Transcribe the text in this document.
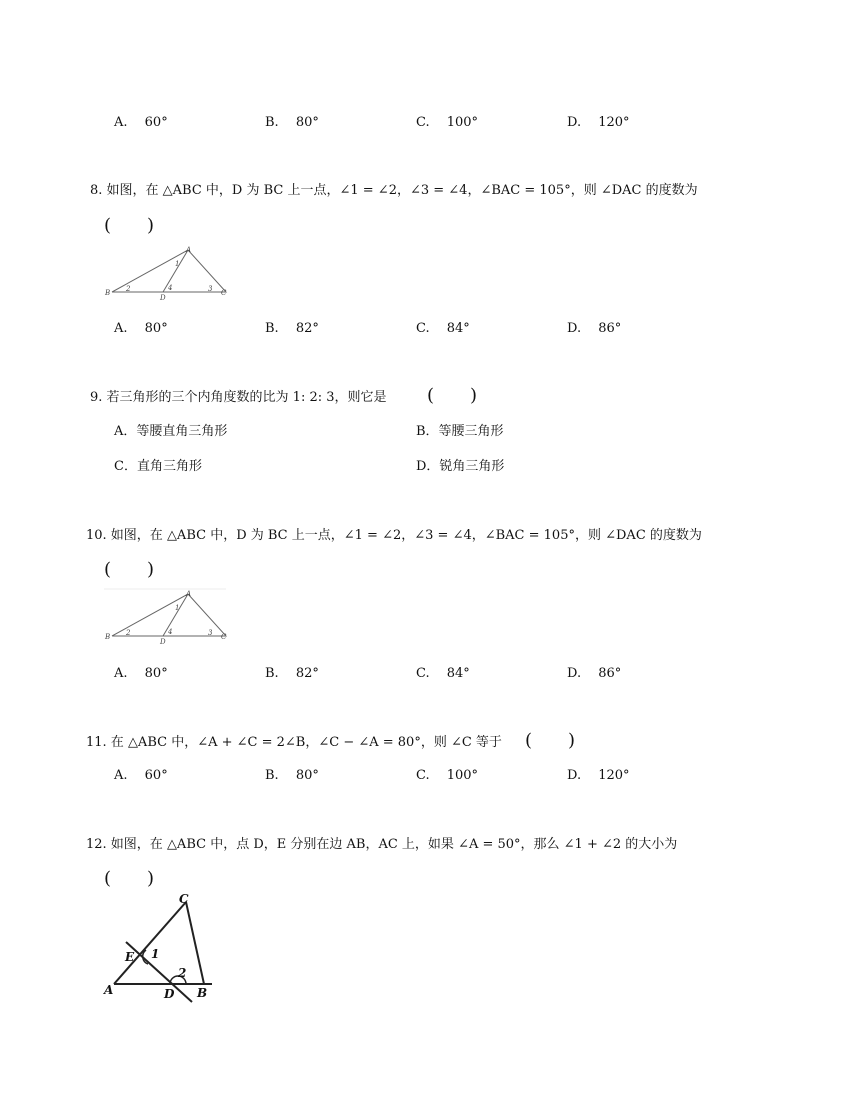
A.　 60°	B.　 80°	C.　 100°	D.　 120°
8. 如图，在 △ABC 中，D 为 BC 上一点，∠1 = ∠2，∠3 = ∠4，∠BAC = 105°，则 ∠DAC 的度数为
(　　)
A
B	C
D
1
2	3
4
A.　 80°	B.　 82°	C.　 84°	D.　 86°
9. 若三角形的三个内角度数的比为 1: 2: 3，则它是 (　　)
A．等腰直角三角形	B．等腰三角形
C．直角三角形	D．锐角三角形
10. 如图，在 △ABC 中，D 为 BC 上一点，∠1 = ∠2，∠3 = ∠4，∠BAC = 105°，则 ∠DAC 的度数为
(　　)
A
B	C
D
1
2	3
4
A.　 80°	B.　 82°	C.　 84°	D.　 86°
11. 在 △ABC 中，∠A + ∠C = 2∠B，∠C − ∠A = 80°，则 ∠C 等于 (　　)
A.　 60°	B.　 80°	C.　 100°	D.　 120°
12. 如图，在 △ABC 中，点 D，E 分别在边 AB，AC 上，如果 ∠A = 50°，那么 ∠1 + ∠2 的大小为
(　　)
C
E 1
2
A	D B
